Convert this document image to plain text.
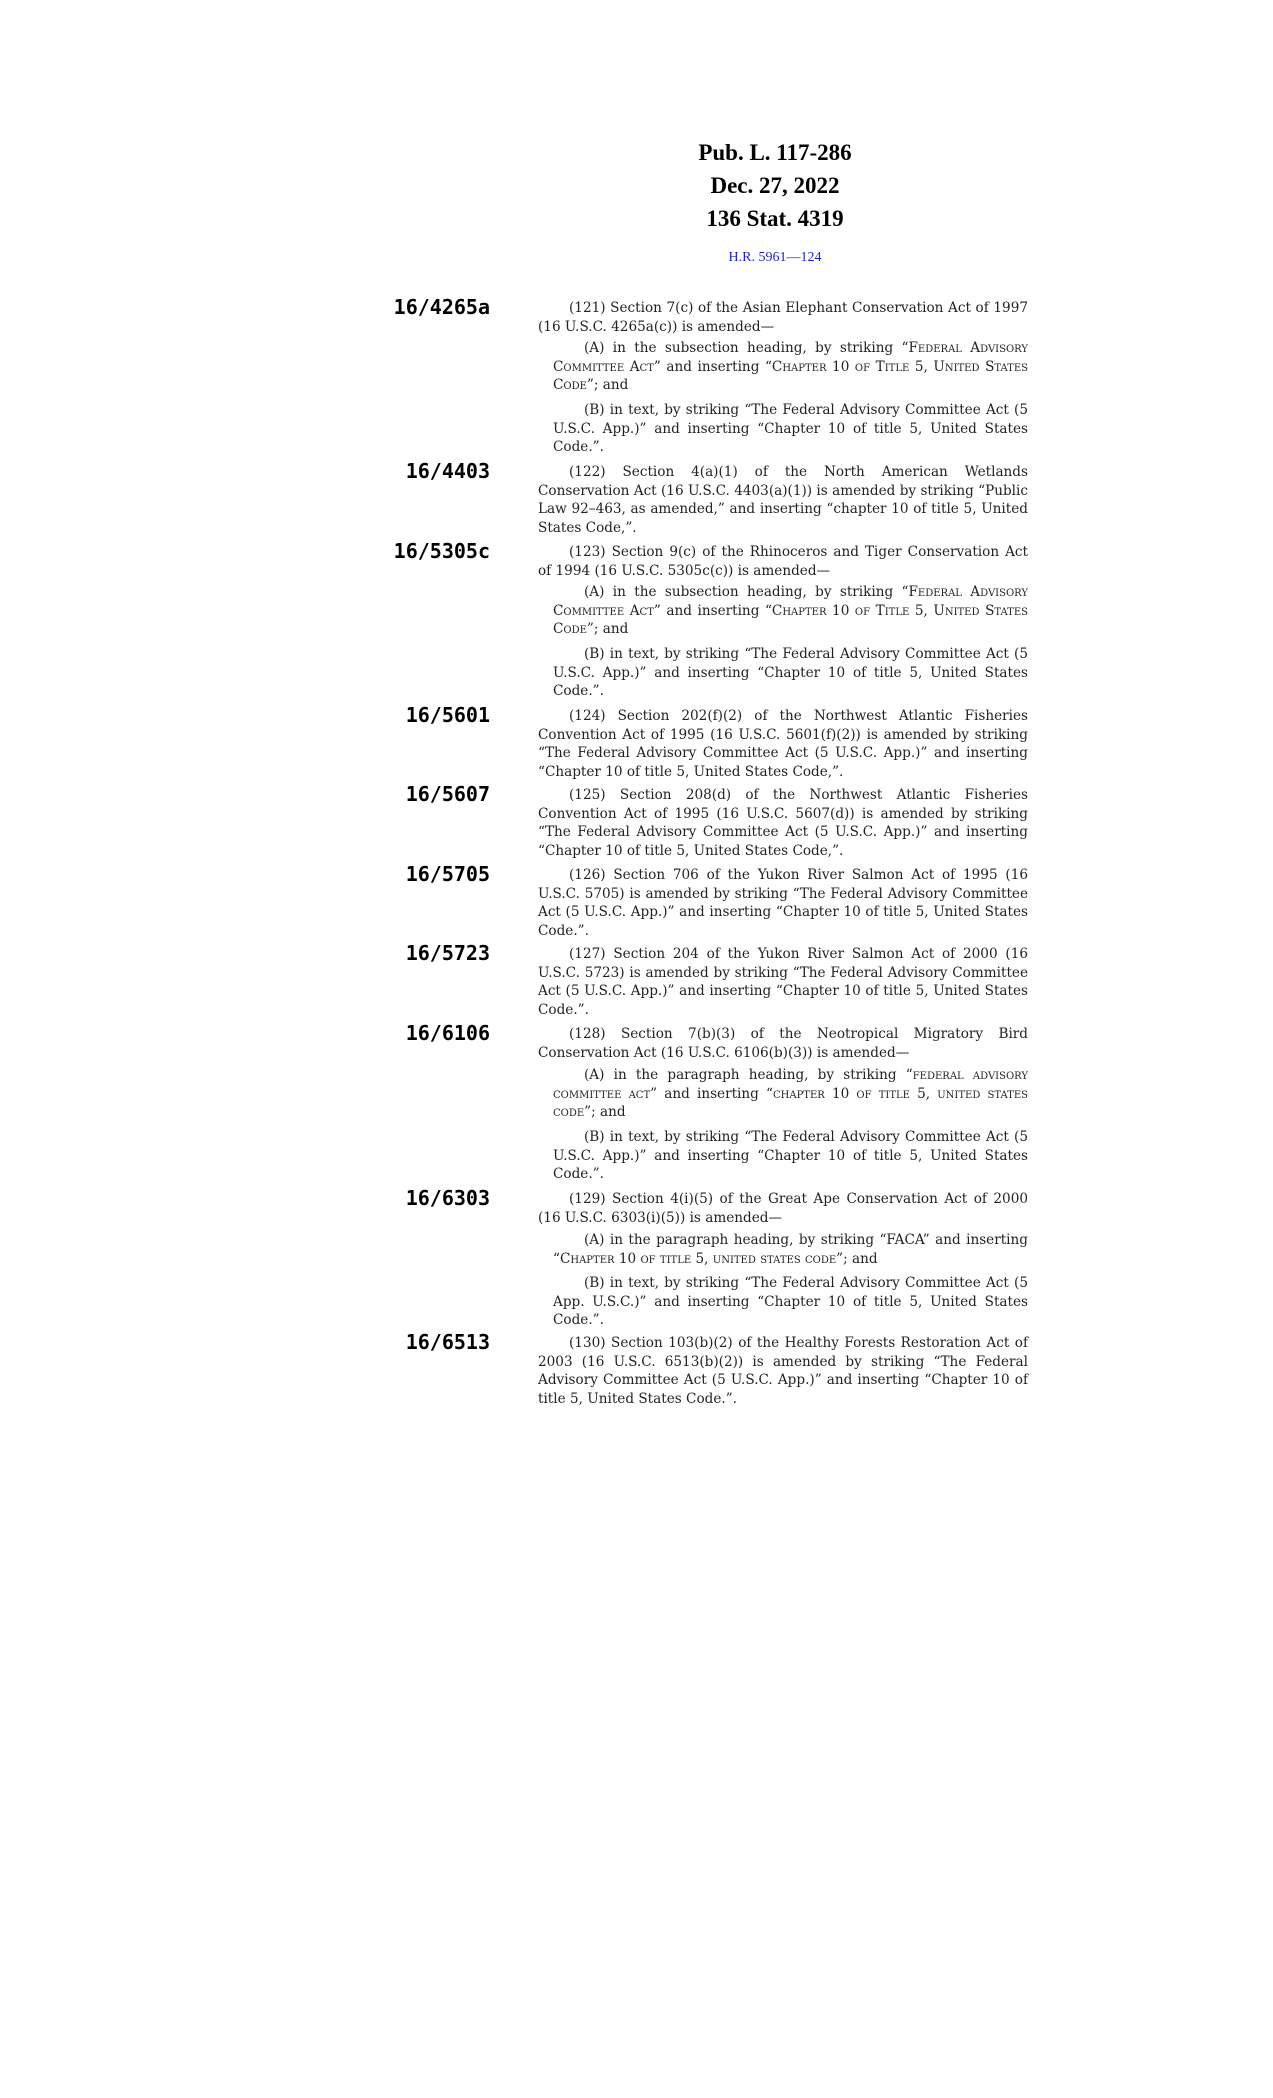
Pub. L. 117-286
Dec. 27, 2022
136 Stat. 4319
H.R. 5961—124
16/4265a	(121) Section 7(c) of the Asian Elephant Conservation Act of 1997 (16 U.S.C. 4265a(c)) is amended—

(A) in the subsection heading, by striking “Federal Advisory Committee Act” and inserting “Chapter 10 of Title 5, United States Code”; and

(B) in text, by striking “The Federal Advisory Committee Act (5 U.S.C. App.)” and inserting “Chapter 10 of title 5, United States Code.”.

16/4403	(122) Section 4(a)(1) of the North American Wetlands Conservation Act (16 U.S.C. 4403(a)(1)) is amended by striking “Public Law 92–463, as amended,” and inserting “chapter 10 of title 5, United States Code,”.

16/5305c	(123) Section 9(c) of the Rhinoceros and Tiger Conservation Act of 1994 (16 U.S.C. 5305c(c)) is amended—

(A) in the subsection heading, by striking “Federal Advisory Committee Act” and inserting “Chapter 10 of Title 5, United States Code”; and

(B) in text, by striking “The Federal Advisory Committee Act (5 U.S.C. App.)” and inserting “Chapter 10 of title 5, United States Code.”.

16/5601	(124) Section 202(f)(2) of the Northwest Atlantic Fisheries Convention Act of 1995 (16 U.S.C. 5601(f)(2)) is amended by striking “The Federal Advisory Committee Act (5 U.S.C. App.)” and inserting “Chapter 10 of title 5, United States Code,”.

16/5607	(125) Section 208(d) of the Northwest Atlantic Fisheries Convention Act of 1995 (16 U.S.C. 5607(d)) is amended by striking “The Federal Advisory Committee Act (5 U.S.C. App.)” and inserting “Chapter 10 of title 5, United States Code,”.

16/5705	(126) Section 706 of the Yukon River Salmon Act of 1995 (16 U.S.C. 5705) is amended by striking “The Federal Advisory Committee Act (5 U.S.C. App.)” and inserting “Chapter 10 of title 5, United States Code.”.

16/5723	(127) Section 204 of the Yukon River Salmon Act of 2000 (16 U.S.C. 5723) is amended by striking “The Federal Advisory Committee Act (5 U.S.C. App.)” and inserting “Chapter 10 of title 5, United States Code.”.

16/6106	(128) Section 7(b)(3) of the Neotropical Migratory Bird Conservation Act (16 U.S.C. 6106(b)(3)) is amended—

(A) in the paragraph heading, by striking “federal advisory committee act” and inserting “chapter 10 of title 5, united states code”; and

(B) in text, by striking “The Federal Advisory Committee Act (5 U.S.C. App.)” and inserting “Chapter 10 of title 5, United States Code.”.

16/6303	(129) Section 4(i)(5) of the Great Ape Conservation Act of 2000 (16 U.S.C. 6303(i)(5)) is amended—

(A) in the paragraph heading, by striking “FACA” and inserting “Chapter 10 of title 5, united states code”; and

(B) in text, by striking “The Federal Advisory Committee Act (5 App. U.S.C.)” and inserting “Chapter 10 of title 5, United States Code.”.

16/6513	(130) Section 103(b)(2) of the Healthy Forests Restoration Act of 2003 (16 U.S.C. 6513(b)(2)) is amended by striking “The Federal Advisory Committee Act (5 U.S.C. App.)” and inserting “Chapter 10 of title 5, United States Code.”.
